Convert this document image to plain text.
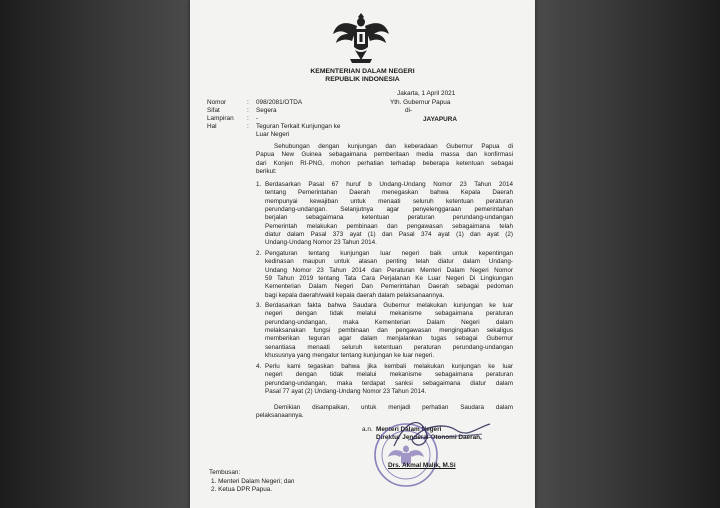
KEMENTERIAN DALAM NEGERI
REPUBLIK INDONESIA
Jakarta, 1 April 2021
Nomor	: 098/2081/OTDA
Sifat	: Segera
Lampiran : -
Hal	: Teguran Terkait Kunjungan ke
Luar Negeri
Yth. Gubernur Papua
di-
JAYAPURA
Sehubungan dengan kunjungan dan keberadaan Gubernur Papua di
Papua New Guinea sebagaimana pemberitaan media massa dan konfirmasi
dari Konjen RI-PNG, mohon perhatian terhadap beberapa ketentuan sebagai
berikut:
1. Berdasarkan Pasal 67 huruf b Undang-Undang Nomor 23 Tahun 2014
tentang Pemerintahan Daerah menegaskan bahwa Kepala Daerah
mempunyai kewajiban untuk menaati seluruh ketentuan peraturan
perundang-undangan. Selanjutnya agar penyelenggaraan pemerintahan
berjalan sebagaimana ketentuan peraturan perundang-undangan
Pemerintah melakukan pembinaan dan pengawasan sebagaimana telah
diatur dalam Pasal 373 ayat (1) dan Pasal 374 ayat (1) dan ayat (2)
Undang-Undang Nomor 23 Tahun 2014.
2. Pengaturan tentang kunjungan luar negeri baik untuk kepentingan
kedinasan maupun untuk alasan penting telah diatur dalam Undang-
Undang Nomor 23 Tahun 2014 dan Peraturan Menteri Dalam Negeri Nomor
59 Tahun 2019 tentang Tata Cara Perjalanan Ke Luar Negeri Di Lingkungan
Kementerian Dalam Negeri Dan Pemerintahan Daerah sebagai pedoman
bagi kepala daerah/wakil kepala daerah dalam pelaksanaannya.
3. Berdasarkan fakta bahwa Saudara Gubernur melakukan kunjungan ke luar
negeri dengan tidak melalui mekanisme sebagaimana peraturan
perundang-undangan, maka Kementerian Dalam Negeri dalam
melaksanakan fungsi pembinaan dan pengawasan mengingatkan sekaligus
memberikan teguran agar dalam menjalankan tugas sebagai Gubernur
senantiasa menaati seluruh ketentuan peraturan perundang-undangan
khususnya yang mengatur tentang kunjungan ke luar negeri.
4. Perlu kami tegaskan bahwa jika kembali melakukan kunjungan ke luar
negeri dengan tidak melalui mekanisme sebagaimana peraturan
perundang-undangan, maka terdapat sanksi sebagaimana diatur dalam
Pasal 77 ayat (2) Undang-Undang Nomor 23 Tahun 2014.
Demikian disampaikan, untuk menjadi perhatian Saudara dalam
pelaksanaannya.
a.n. Menteri Dalam Negeri
Direktur Jenderal Otonomi Daerah,
Drs. Akmal Malik, M.Si
Tembusan:
1. Menteri Dalam Negeri; dan
2. Ketua DPR Papua.
